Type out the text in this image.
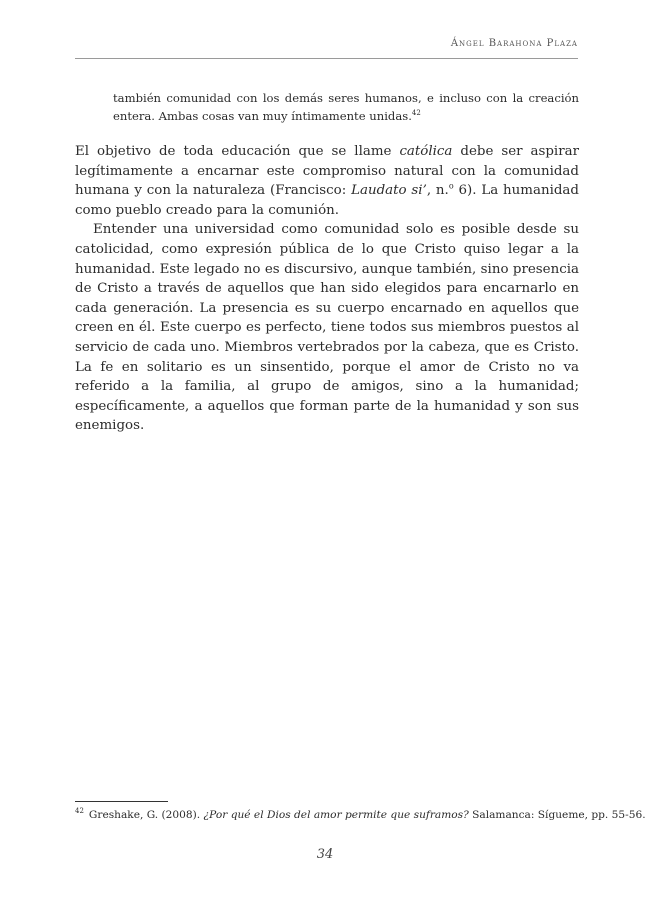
Ángel Barahona Plaza
también comunidad con los demás seres humanos, e incluso con la creación entera. Ambas cosas van muy íntimamente unidas.$^{42}$

El objetivo de toda educación que se llame católica debe ser aspirar legítimamente a encarnar este compromiso natural con la comunidad humana y con la naturaleza (Francisco: Laudato si’, n.$^o$ 6). La humanidad como pueblo creado para la comunión.

Entender una universidad como comunidad solo es posible desde su catolicidad, como expresión pública de lo que Cristo quiso legar a la humanidad. Este legado no es discursivo, aunque también, sino presencia de Cristo a través de aquellos que han sido elegidos para encarnarlo en cada generación. La presencia es su cuerpo encarnado en aquellos que creen en él. Este cuerpo es perfecto, tiene todos sus miembros puestos al servicio de cada uno. Miembros vertebrados por la cabeza, que es Cristo. La fe en solitario es un sinsentido, porque el amor de Cristo no va referido a la familia, al grupo de amigos, sino a la humanidad; específicamente, a aquellos que forman parte de la humanidad y son sus enemigos.

$^{42}$ Greshake, G. (2008). ¿Por qué el Dios del amor permite que suframos? Salamanca: Sígueme, pp. 55-56.
34
